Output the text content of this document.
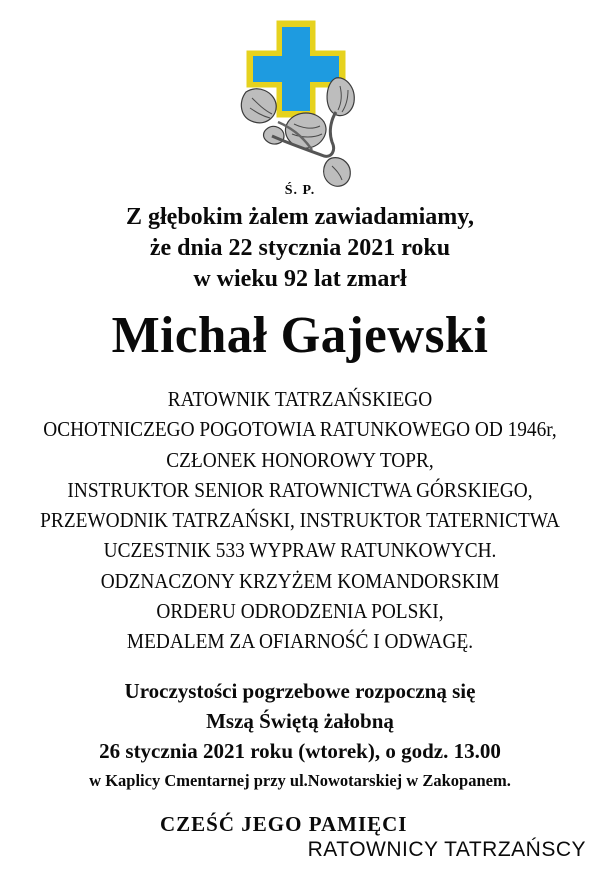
Ś. P.
Z głębokim żalem zawiadamiamy,
że dnia 22 stycznia 2021 roku
w wieku 92 lat zmarł
Michał Gajewski
RATOWNIK TATRZAŃSKIEGO
OCHOTNICZEGO POGOTOWIA RATUNKOWEGO OD 1946r,
CZŁONEK HONOROWY TOPR,
INSTRUKTOR SENIOR RATOWNICTWA GÓRSKIEGO,
PRZEWODNIK TATRZAŃSKI, INSTRUKTOR TATERNICTWA
UCZESTNIK 533 WYPRAW RATUNKOWYCH.
ODZNACZONY KRZYŻEM KOMANDORSKIM
ORDERU ODRODZENIA POLSKI,
MEDALEM ZA OFIARNOŚĆ I ODWAGĘ.
Uroczystości pogrzebowe rozpoczną się
Mszą Świętą żałobną
26 stycznia 2021 roku (wtorek), o godz. 13.00
w Kaplicy Cmentarnej przy ul.Nowotarskiej w Zakopanem.
CZEŚĆ JEGO PAMIĘCI
RATOWNICY TATRZAŃSCY
